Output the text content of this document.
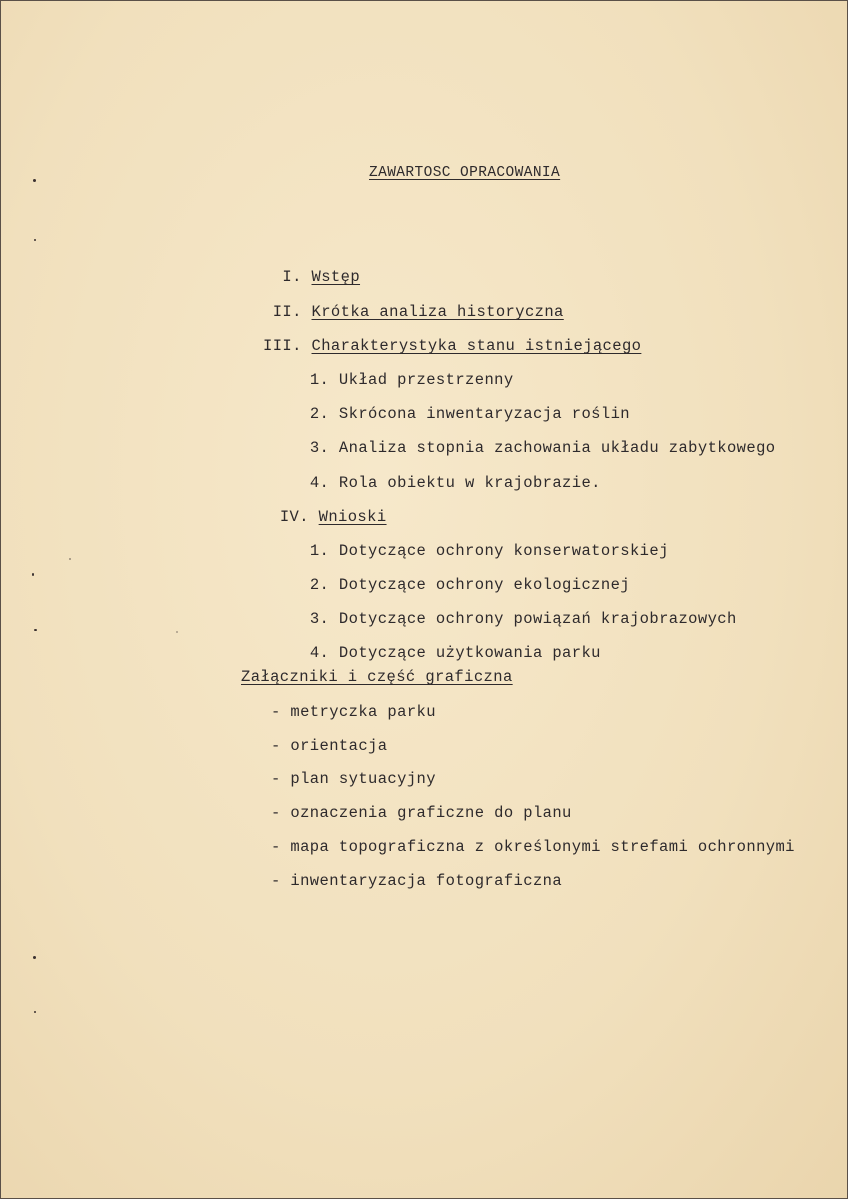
ZAWARTOSC OPRACOWANIA

I. Wstęp

II. Krótka analiza historyczna

III. Charakterystyka stanu istniejącego

1. Układ przestrzenny

2. Skrócona inwentaryzacja roślin

3. Analiza stopnia zachowania układu zabytkowego

4. Rola obiektu w krajobrazie.

IV. Wnioski

1. Dotyczące ochrony konserwatorskiej

2. Dotyczące ochrony ekologicznej

3. Dotyczące ochrony powiązań krajobrazowych

4. Dotyczące użytkowania parku

Załączniki i część graficzna
- metryczka parku
- orientacja
- plan sytuacyjny
- oznaczenia graficzne do planu
- mapa topograficzna z określonymi strefami ochronnymi
- inwentaryzacja fotograficzna
